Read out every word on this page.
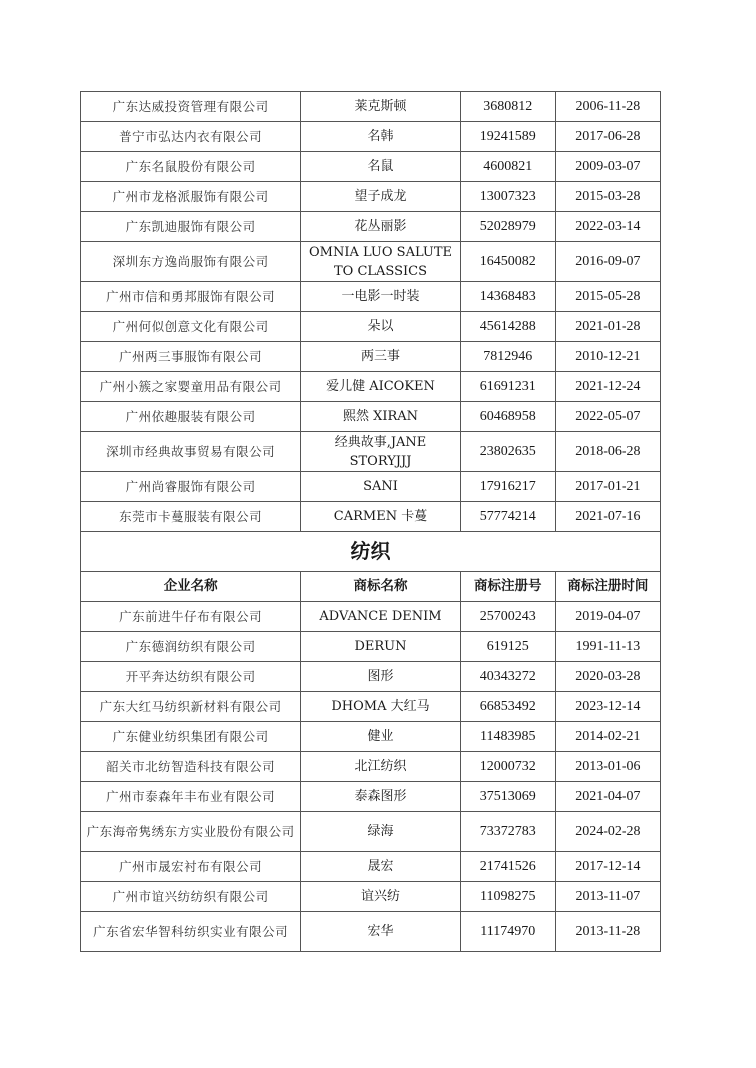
广东达威投资管理有限公司	莱克斯顿	3680812	2006-11-28
普宁市弘达内衣有限公司	名韩	19241589	2017-06-28
广东名鼠股份有限公司	名鼠	4600821	2009-03-07
广州市龙格派服饰有限公司	望子成龙	13007323	2015-03-28
广东凯迪服饰有限公司	花丛丽影	52028979	2022-03-14
深圳东方逸尚服饰有限公司	OMNIA LUO SALUTE TO CLASSICS	16450082	2016-09-07
广州市信和勇邦服饰有限公司	一电影一时装	14368483	2015-05-28
广州何似创意文化有限公司	朵以	45614288	2021-01-28
广州两三事服饰有限公司	两三事	7812946	2010-12-21
广州小簇之家婴童用品有限公司	爱儿健 AICOKEN	61691231	2021-12-24
广州依趣服装有限公司	熙然 XIRAN	60468958	2022-05-07
深圳市经典故事贸易有限公司	经典故事,JANE STORYJJJ	23802635	2018-06-28
广州尚睿服饰有限公司	SANI	17916217	2017-01-21
东莞市卡蔓服装有限公司	CARMEN 卡蔓	57774214	2021-07-16
纺织			
企业名称	商标名称	商标注册号	商标注册时间
广东前进牛仔布有限公司	ADVANCE DENIM	25700243	2019-04-07
广东德润纺织有限公司	DERUN	619125	1991-11-13
开平奔达纺织有限公司	图形	40343272	2020-03-28
广东大红马纺织新材料有限公司	DHOMA 大红马	66853492	2023-12-14
广东健业纺织集团有限公司	健业	11483985	2014-02-21
韶关市北纺智造科技有限公司	北江纺织	12000732	2013-01-06
广州市泰森年丰布业有限公司	泰森图形	37513069	2021-04-07
广东海帝隽绣东方实业股份有限公司	绿海	73372783	2024-02-28
广州市晟宏衬布有限公司	晟宏	21741526	2017-12-14
广州市谊兴纺纺织有限公司	谊兴纺	11098275	2013-11-07
广东省宏华智科纺织实业有限公司	宏华	11174970	2013-11-28
